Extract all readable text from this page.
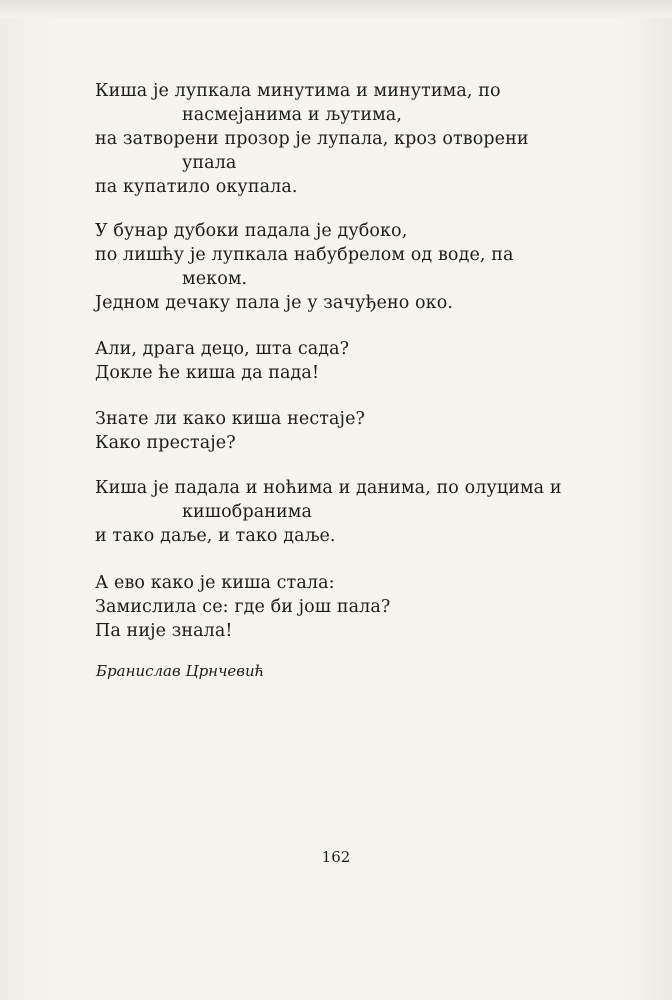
Киша је лупкала минутима и минутима, по
насмејанима и љутима,
на затворени прозор је лупала, кроз отворени
упала
па купатило окупала.
У бунар дубоки падала је дубоко,
по лишћу је лупкала набубрелом од воде, па
меком.
Једном дечаку пала је у зачуђено око.
Али, драга децо, шта сада?
Докле ће киша да пада!
Знате ли како киша нестаје?
Како престаје?
Киша је падала и ноћима и данима, по олуцима и
кишобранима
и тако даље, и тако даље.
А ево како је киша стала:
Замислила се: где би још пала?
Па није знала!
Бранислав Црнчевић
162
